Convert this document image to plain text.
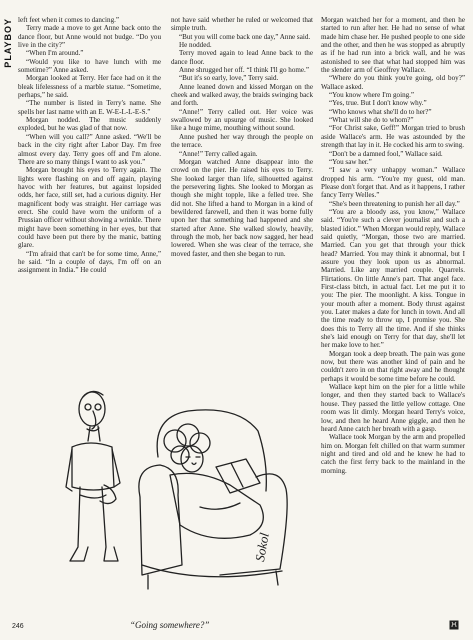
PLAYBOY left feet when it comes to dancing.”

Terry made a move to get Anne back onto the dance floor, but Anne would not budge. “Do you live in the city?”

“When I'm around.”

“Would you like to have lunch with me sometime?” Anne asked.

Morgan looked at Terry. Her face had on it the bleak lifelessness of a marble statue. “Sometime, perhaps,” he said.

“The number is listed in Terry's name. She spells her last name with an E. W-E-L-L-E-S.”

Morgan nodded. The music suddenly exploded, but he was glad of that now.

“When will you call?” Anne asked. “We'll be back in the city right after Labor Day. I'm free almost every day. Terry goes off and I'm alone. There are so many things I want to ask you.”

Morgan brought his eyes to Terry again. The lights were flashing on and off again, playing havoc with her features, but against lopsided odds, her face, still set, had a curious dignity. Her magnificent body was straight. Her carriage was erect. She could have worn the uniform of a Prussian officer without showing a wrinkle. There might have been something in her eyes, but that could have been put there by the manic, batting glare.

“I'm afraid that can't be for some time, Anne,” he said. “In a couple of days, I'm off on an assignment in India.” He could

not have said whether he ruled or welcomed that simple truth.

“But you will come back one day,” Anne said.

He nodded.

Terry moved again to lead Anne back to the dance floor.

Anne shrugged her off. “I think I'll go home.”

“But it's so early, love,” Terry said.

Anne leaned down and kissed Morgan on the cheek and walked away, the braids swinging back and forth.

“Anne!” Terry called out. Her voice was swallowed by an upsurge of music. She looked like a huge mime, mouthing without sound.

Anne pushed her way through the people on the terrace.

“Anne!” Terry called again.

Morgan watched Anne disappear into the crowd on the pier. He raised his eyes to Terry. She looked larger than life, silhouetted against the persevering lights. She looked to Morgan as though she might topple, like a felled tree. She did not. She lifted a hand to Morgan in a kind of bewildered farewell, and then it was borne fully upon her that something had happened and she started after Anne. She walked slowly, heavily, through the mob, her back now sagged, her head lowered. When she was clear of the terrace, she moved faster, and then she began to run.

Morgan watched her for a moment, and then he started to run after her. He had no sense of what made him chase her. He pushed people to one side and the other, and then he was stopped as abruptly as if he had run into a brick wall, and he was astonished to see that what had stopped him was the slender arm of Geoffrey Wallace.

“Where do you think you're going, old boy?” Wallace asked.

“You know where I'm going.”

“Yes, true. But I don't know why.”

“Who knows what she'll do to her?”

“What will she do to whom?”

“For Christ sake, Geff!” Morgan tried to brush aside Wallace's arm. He was astounded by the strength that lay in it. He cocked his arm to swing.

“Don't be a damned fool,” Wallace said.

“You saw her.”

“I saw a very unhappy woman.” Wallace dropped his arm. “You're my guest, old man. Please don't forget that. And as it happens, I rather fancy Terry Welles.”

“She's been threatening to punish her all day.”

“You are a bloody ass, you know,” Wallace said. “You're such a clever journalist and such a blasted idiot.” When Morgan would reply, Wallace said quietly, “Morgan, those two are married. Married. Can you get that through your thick head? Married. You may think it abnormal, but I assure you they look upon us as abnormal. Married. Like any married couple. Quarrels. Flirtations. On little Anne's part. That angel face. First-class bitch, in actual fact. Let me put it to you: The pier. The moonlight. A kiss. Tongue in your mouth after a moment. Body thrust against you. Later makes a date for lunch in town. And all the time ready to throw up, I promise you. She does this to Terry all the time. And if she thinks she's laid enough on Terry for that day, she'll let her make love to her.”

Morgan took a deep breath. The pain was gone now, but there was another kind of pain and he couldn't zero in on that right away and he thought perhaps it would be some time before he could.

Wallace kept him on the pier for a little while longer, and then they started back to Wallace's house. They passed the little yellow cottage. One room was lit dimly. Morgan heard Terry's voice, low, and then he heard Anne giggle, and then he heard Anne catch her breath with a gasp.

Wallace took Morgan by the arm and propelled him on. Morgan felt chilled on that warm summer night and tired and old and he knew he had to catch the first ferry back to the mainland in the morning.

Sokol
246	“Going somewhere?”
